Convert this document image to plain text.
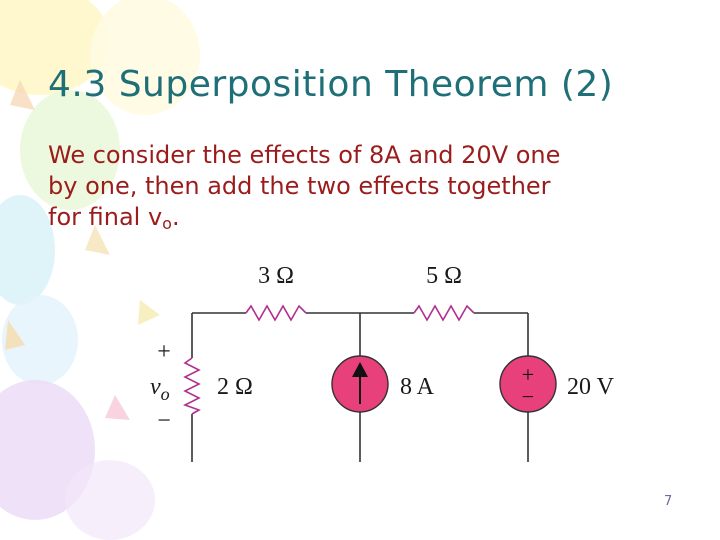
4.3 Superposition Theorem (2)

We consider the effects of 8A and 20V one
by one, then add the two effects together
for final $v_o$.

+
−
3 Ω	5 Ω
2 Ω	8 A	20 V
+
$v_o$
−
7
